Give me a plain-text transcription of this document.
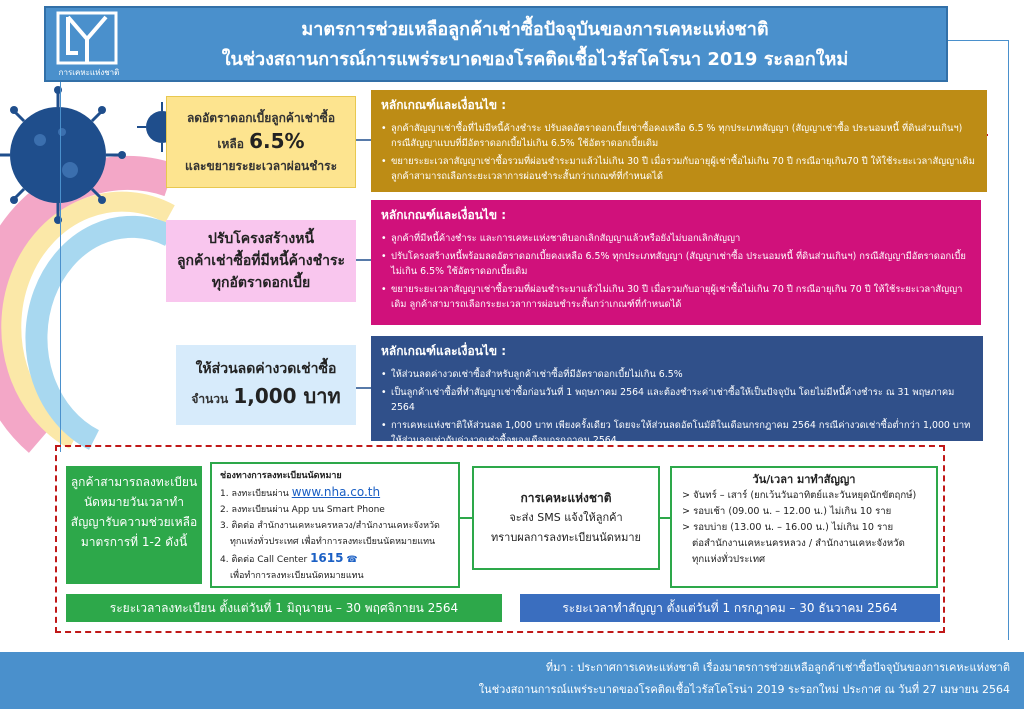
การเคหะแห่งชาติ
มาตรการช่วยเหลือลูกค้าเช่าซื้อปัจจุบันของการเคหะแห่งชาติ
ในช่วงสถานการณ์การแพร่ระบาดของโรคติดเชื้อไวรัสโคโรนา 2019 ระลอกใหม่
ลดอัตราดอกเบี้ยลูกค้าเช่าซื้อ
เหลือ 6.5%
และขยายระยะเวลาผ่อนชำระ
หลักเกณฑ์และเงื่อนไข :
• ลูกค้าสัญญาเช่าซื้อที่ไม่มีหนี้ค้างชำระ ปรับลดอัตราดอกเบี้ยเช่าซื้อคงเหลือ 6.5 % ทุกประเภทสัญญา (สัญญาเช่าซื้อ ประนอมหนี้ ที่ดินส่วนเกินฯ) กรณีสัญญาแบบที่มีอัตราดอกเบี้ยไม่เกิน 6.5% ใช้อัตราดอกเบี้ยเดิม
• ขยายระยะเวลาสัญญาเช่าซื้อรวมที่ผ่อนชำระมาแล้วไม่เกิน 30 ปี เมื่อรวมกับอายุผู้เช่าซื้อไม่เกิน 70 ปี กรณีอายุเกิน70 ปี ให้ใช้ระยะเวลาสัญญาเดิม ลูกค้าสามารถเลือกระยะเวลาการผ่อนชำระสั้นกว่าเกณฑ์ที่กำหนดได้
ปรับโครงสร้างหนี้
ลูกค้าเช่าซื้อที่มีหนี้ค้างชำระ
ทุกอัตราดอกเบี้ย
หลักเกณฑ์และเงื่อนไข :
• ลูกค้าที่มีหนี้ค้างชำระ และการเคหะแห่งชาติบอกเลิกสัญญาแล้วหรือยังไม่บอกเลิกสัญญา
• ปรับโครงสร้างหนี้พร้อมลดอัตราดอกเบี้ยคงเหลือ 6.5% ทุกประเภทสัญญา (สัญญาเช่าซื้อ ประนอมหนี้ ที่ดินส่วนเกินฯ) กรณีสัญญามีอัตราดอกเบี้ยไม่เกิน 6.5% ใช้อัตราดอกเบี้ยเดิม
• ขยายระยะเวลาสัญญาเช่าซื้อรวมที่ผ่อนชำระมาแล้วไม่เกิน 30 ปี เมื่อรวมกับอายุผู้เช่าซื้อไม่เกิน 70 ปี กรณีอายุเกิน 70 ปี ให้ใช้ระยะเวลาสัญญาเดิม ลูกค้าสามารถเลือกระยะเวลาการผ่อนชำระสั้นกว่าเกณฑ์ที่กำหนดได้
ให้ส่วนลดค่างวดเช่าซื้อ
จำนวน 1,000 บาท
หลักเกณฑ์และเงื่อนไข :
• ให้ส่วนลดค่างวดเช่าซื้อสำหรับลูกค้าเช่าซื้อที่มีอัตราดอกเบี้ยไม่เกิน 6.5%
• เป็นลูกค้าเช่าซื้อที่ทำสัญญาเช่าซื้อก่อนวันที่ 1 พฤษภาคม 2564 และต้องชำระค่าเช่าซื้อให้เป็นปัจจุบัน โดยไม่มีหนี้ค้างชำระ ณ 31 พฤษภาคม 2564
• การเคหะแห่งชาติให้ส่วนลด 1,000 บาท เพียงครั้งเดียว โดยจะให้ส่วนลดอัตโนมัติในเดือนกรกฎาคม 2564 กรณีค่างวดเช่าซื้อต่ำกว่า 1,000 บาท ให้ส่วนลดเท่ากับค่างวดเช่าซื้อของเดือนกรกฎาคม 2564
ลูกค้าสามารถลงทะเบียน
นัดหมายวันเวลาทำ
สัญญารับความช่วยเหลือ
มาตรการที่ 1-2 ดังนี้
ช่องทางการลงทะเบียนนัดหมาย
1. ลงทะเบียนผ่าน www.nha.co.th
2. ลงทะเบียนผ่าน App บน Smart Phone
3. ติดต่อ สำนักงานเคหะนครหลวง/สำนักงานเคหะจังหวัด
ทุกแห่งทั่วประเทศ เพื่อทำการลงทะเบียนนัดหมายแทน
4. ติดต่อ Call Center 1615 ☎
เพื่อทำการลงทะเบียนนัดหมายแทน
การเคหะแห่งชาติ
จะส่ง SMS แจ้งให้ลูกค้า
ทราบผลการลงทะเบียนนัดหมาย
วัน/เวลา มาทำสัญญา
> จันทร์ – เสาร์ (ยกเว้นวันอาทิตย์และวันหยุดนักขัตฤกษ์)
> รอบเช้า (09.00 น. – 12.00 น.) ไม่เกิน 10 ราย
> รอบบ่าย (13.00 น. – 16.00 น.) ไม่เกิน 10 ราย
ต่อสำนักงานเคหะนครหลวง / สำนักงานเคหะจังหวัด
ทุกแห่งทั่วประเทศ
ระยะเวลาลงทะเบียน ตั้งแต่วันที่ 1 มิถุนายน – 30 พฤศจิกายน 2564	ระยะเวลาทำสัญญา ตั้งแต่วันที่ 1 กรกฎาคม – 30 ธันวาคม 2564
ที่มา : ประกาศการเคหะแห่งชาติ เรื่องมาตรการช่วยเหลือลูกค้าเช่าซื้อปัจจุบันของการเคหะแห่งชาติ
ในช่วงสถานการณ์แพร่ระบาดของโรคติดเชื้อไวรัสโคโรน่า 2019 ระรอกใหม่ ประกาศ ณ วันที่ 27 เมษายน 2564
